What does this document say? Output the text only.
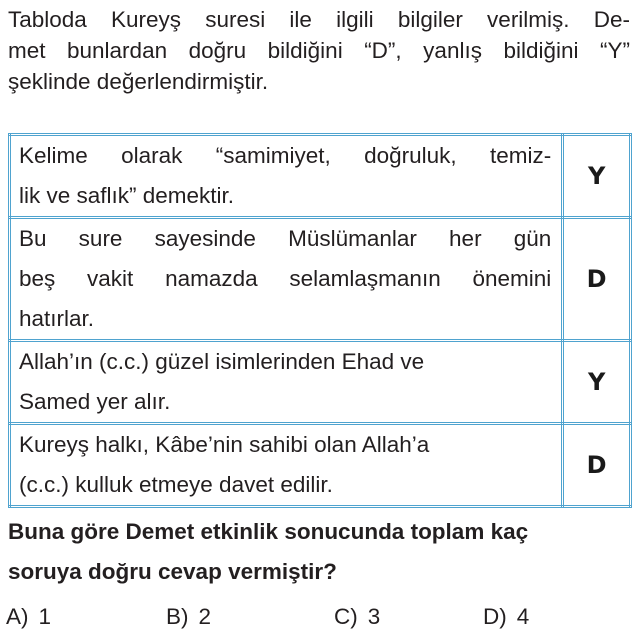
Tabloda Kureyş suresi ile ilgili bilgiler verilmiş. De-
met bunlardan doğru bildiğini “D”, yanlış bildiğini “Y”
şeklinde değerlendirmiştir.
Kelime olarak “samimiyet, doğruluk, temiz-
lik ve saflık” demektir.	Y

Bu sure sayesinde Müslümanlar her gün
beş vakit namazda selamlaşmanın önemini
hatırlar.	D

Allah’ın (c.c.) güzel isimlerinden Ehad ve
Samed yer alır.	Y

Kureyş halkı, Kâbe’nin sahibi olan Allah’a
(c.c.) kulluk etmeye davet edilir.	D
Buna göre Demet etkinlik sonucunda toplam kaç
soruya doğru cevap vermiştir?
A) 1	B) 2	C) 3	D) 4
